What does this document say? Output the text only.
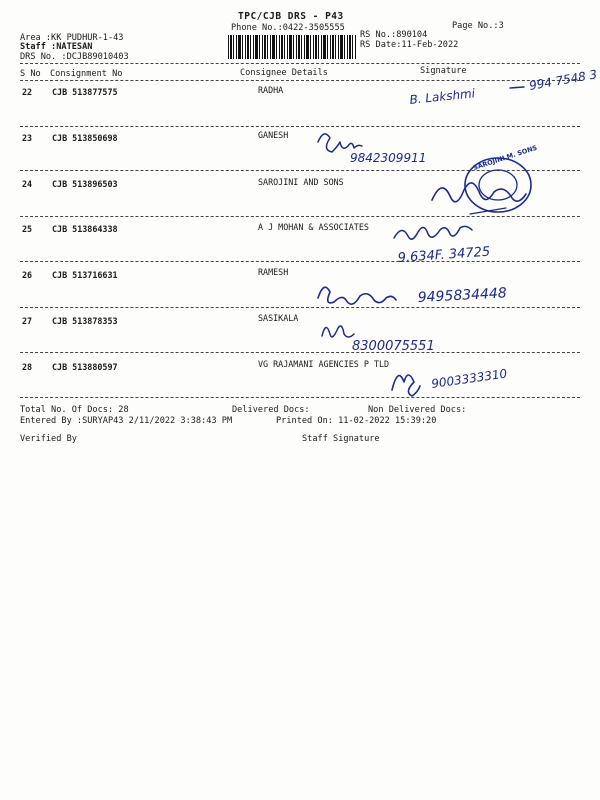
TPC/CJB DRS - P43
Phone No.:0422-3505555	Page No.:3
Area :KK PUDHUR-1-43
Staff :NATESAN
DRS No. :DCJB89010403
RS No.:890104
RS Date:11-Feb-2022
S No Consignment No	Consignee Details	Signature
22 CJB 513877575	RADHA
23 CJB 513850698	GANESH
24 CJB 513896503	SAROJINI AND SONS
25 CJB 513864338	A J MOHAN & ASSOCIATES
26 CJB 513716631	RAMESH
27 CJB 513878353	SASIKALA
28 CJB 513880597	VG RAJAMANI AGENCIES P TLD
Total No. Of Docs: 28	Delivered Docs:	Non Delivered Docs:
Entered By :SURYAP43 2/11/2022 3:38:43 PM	Printed On: 11-02-2022 15:39:20
Verified By	Staff Signature
B. Lakshmi
994 7548 3
9842309911	SAROJINI M. SONS
9.634F. 34725
9495834448
8300075551
9003333310
